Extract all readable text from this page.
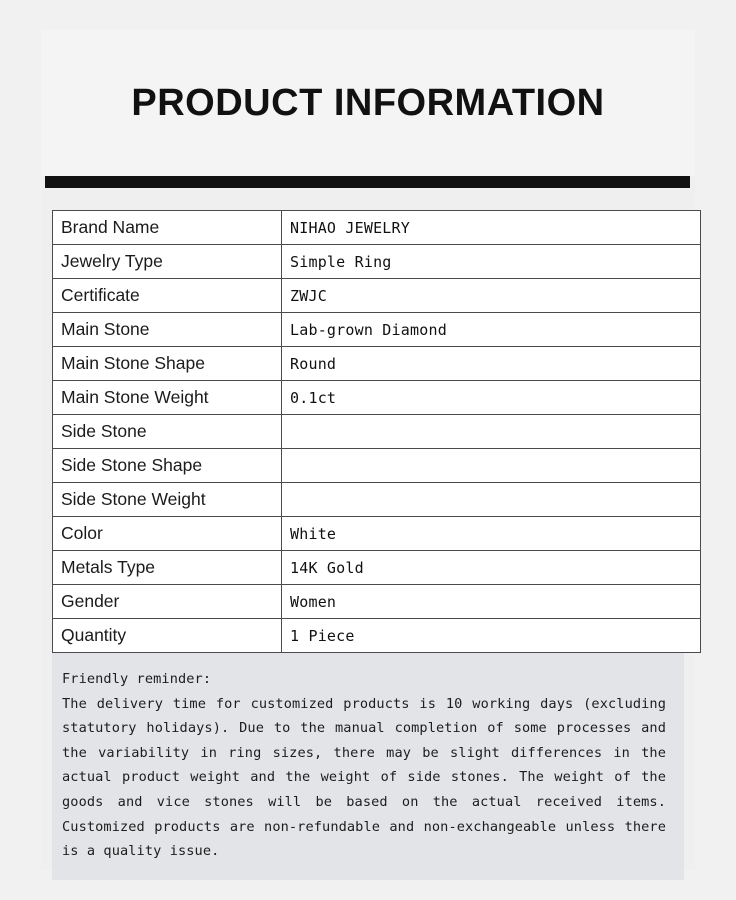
PRODUCT INFORMATION
Brand Name	NIHAO JEWELRY
Jewelry Type	Simple Ring
Certificate	ZWJC
Main Stone	Lab-grown Diamond
Main Stone Shape	Round
Main Stone Weight	0.1ct
Side Stone	
Side Stone Shape	
Side Stone Weight	
Color	White
Metals Type	14K Gold
Gender	Women
Quantity	1 Piece

Friendly reminder:

The delivery time for customized products is 10 working days (excluding statutory holidays). Due to the manual completion of some processes and the variability in ring sizes, there may be slight differences in the actual product weight and the weight of side stones. The weight of the goods and vice stones will be based on the actual received items. Customized products are non-refundable and non-exchangeable unless there is a quality issue.
